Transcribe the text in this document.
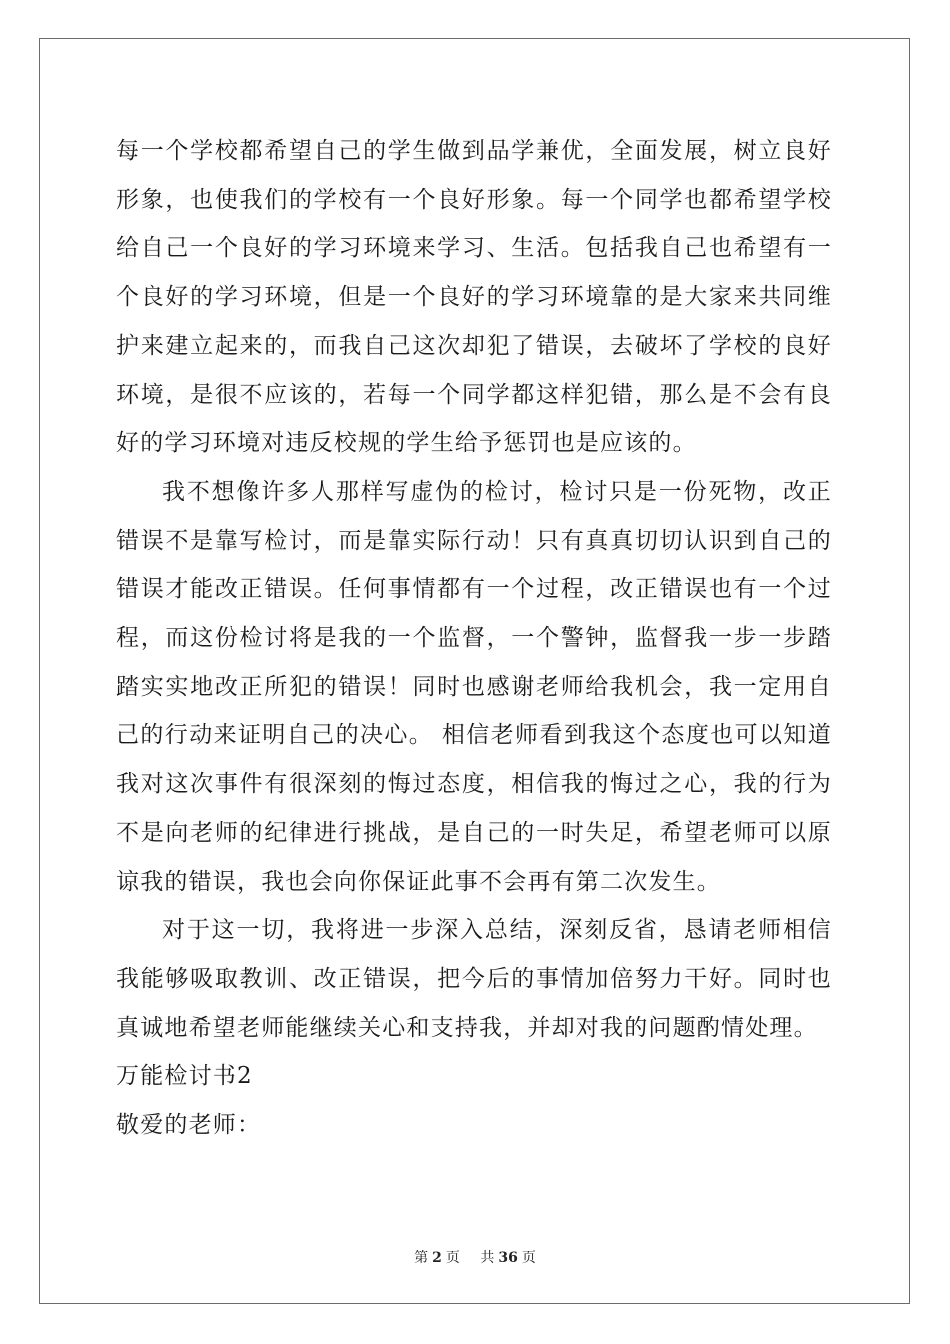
每一个学校都希望自己的学生做到品学兼优，全面发展，树立良好形象，也使我们的学校有一个良好形象。每一个同学也都希望学校给自己一个良好的学习环境来学习、生活。包括我自己也希望有一个良好的学习环境，但是一个良好的学习环境靠的是大家来共同维护来建立起来的，而我自己这次却犯了错误，去破坏了学校的良好环境，是很不应该的，若每一个同学都这样犯错，那么是不会有良好的学习环境对违反校规的学生给予惩罚也是应该的。

我不想像许多人那样写虚伪的检讨，检讨只是一份死物，改正错误不是靠写检讨，而是靠实际行动！只有真真切切认识到自己的错误才能改正错误。任何事情都有一个过程，改正错误也有一个过程，而这份检讨将是我的一个监督，一个警钟，监督我一步一步踏踏实实地改正所犯的错误！同时也感谢老师给我机会，我一定用自己的行动来证明自己的决心。 相信老师看到我这个态度也可以知道我对这次事件有很深刻的悔过态度，相信我的悔过之心，我的行为不是向老师的纪律进行挑战，是自己的一时失足，希望老师可以原谅我的错误，我也会向你保证此事不会再有第二次发生。

对于这一切，我将进一步深入总结，深刻反省，恳请老师相信我能够吸取教训、改正错误，把今后的事情加倍努力干好。同时也真诚地希望老师能继续关心和支持我，并却对我的问题酌情处理。

万能检讨书2

敬爱的老师：

第 2 页 共 36 页
